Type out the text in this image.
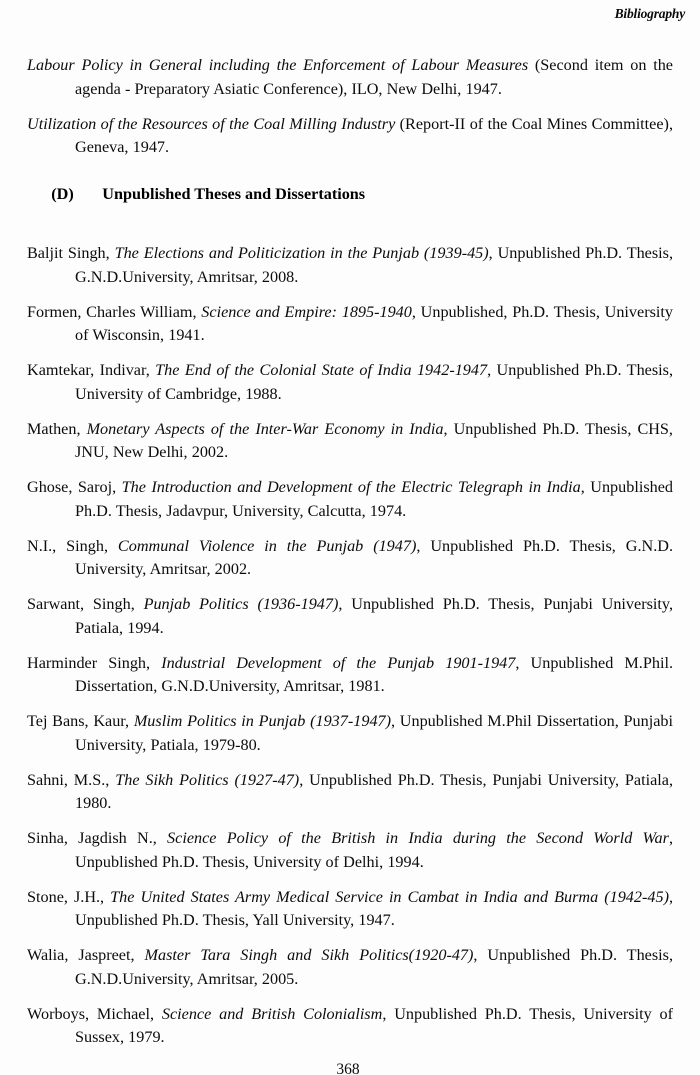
Bibliography

Labour Policy in General including the Enforcement of Labour Measures (Second item on the agenda - Preparatory Asiatic Conference), ILO, New Delhi, 1947.

Utilization of the Resources of the Coal Milling Industry (Report-II of the Coal Mines Committee), Geneva, 1947.

(D) Unpublished Theses and Dissertations

Baljit Singh, The Elections and Politicization in the Punjab (1939-45), Unpublished Ph.D. Thesis, G.N.D.University, Amritsar, 2008.

Formen, Charles William, Science and Empire: 1895-1940, Unpublished, Ph.D. Thesis, University of Wisconsin, 1941.

Kamtekar, Indivar, The End of the Colonial State of India 1942-1947, Unpublished Ph.D. Thesis, University of Cambridge, 1988.

Mathen, Monetary Aspects of the Inter-War Economy in India, Unpublished Ph.D. Thesis, CHS, JNU, New Delhi, 2002.

Ghose, Saroj, The Introduction and Development of the Electric Telegraph in India, Unpublished Ph.D. Thesis, Jadavpur, University, Calcutta, 1974.

N.I., Singh, Communal Violence in the Punjab (1947), Unpublished Ph.D. Thesis, G.N.D. University, Amritsar, 2002.

Sarwant, Singh, Punjab Politics (1936-1947), Unpublished Ph.D. Thesis, Punjabi University, Patiala, 1994.

Harminder Singh, Industrial Development of the Punjab 1901-1947, Unpublished M.Phil. Dissertation, G.N.D.University, Amritsar, 1981.

Tej Bans, Kaur, Muslim Politics in Punjab (1937-1947), Unpublished M.Phil Dissertation, Punjabi University, Patiala, 1979-80.

Sahni, M.S., The Sikh Politics (1927-47), Unpublished Ph.D. Thesis, Punjabi University, Patiala, 1980.

Sinha, Jagdish N., Science Policy of the British in India during the Second World War, Unpublished Ph.D. Thesis, University of Delhi, 1994.

Stone, J.H., The United States Army Medical Service in Cambat in India and Burma (1942-45), Unpublished Ph.D. Thesis, Yall University, 1947.

Walia, Jaspreet, Master Tara Singh and Sikh Politics(1920-47), Unpublished Ph.D. Thesis, G.N.D.University, Amritsar, 2005.

Worboys, Michael, Science and British Colonialism, Unpublished Ph.D. Thesis, University of Sussex, 1979.

368
